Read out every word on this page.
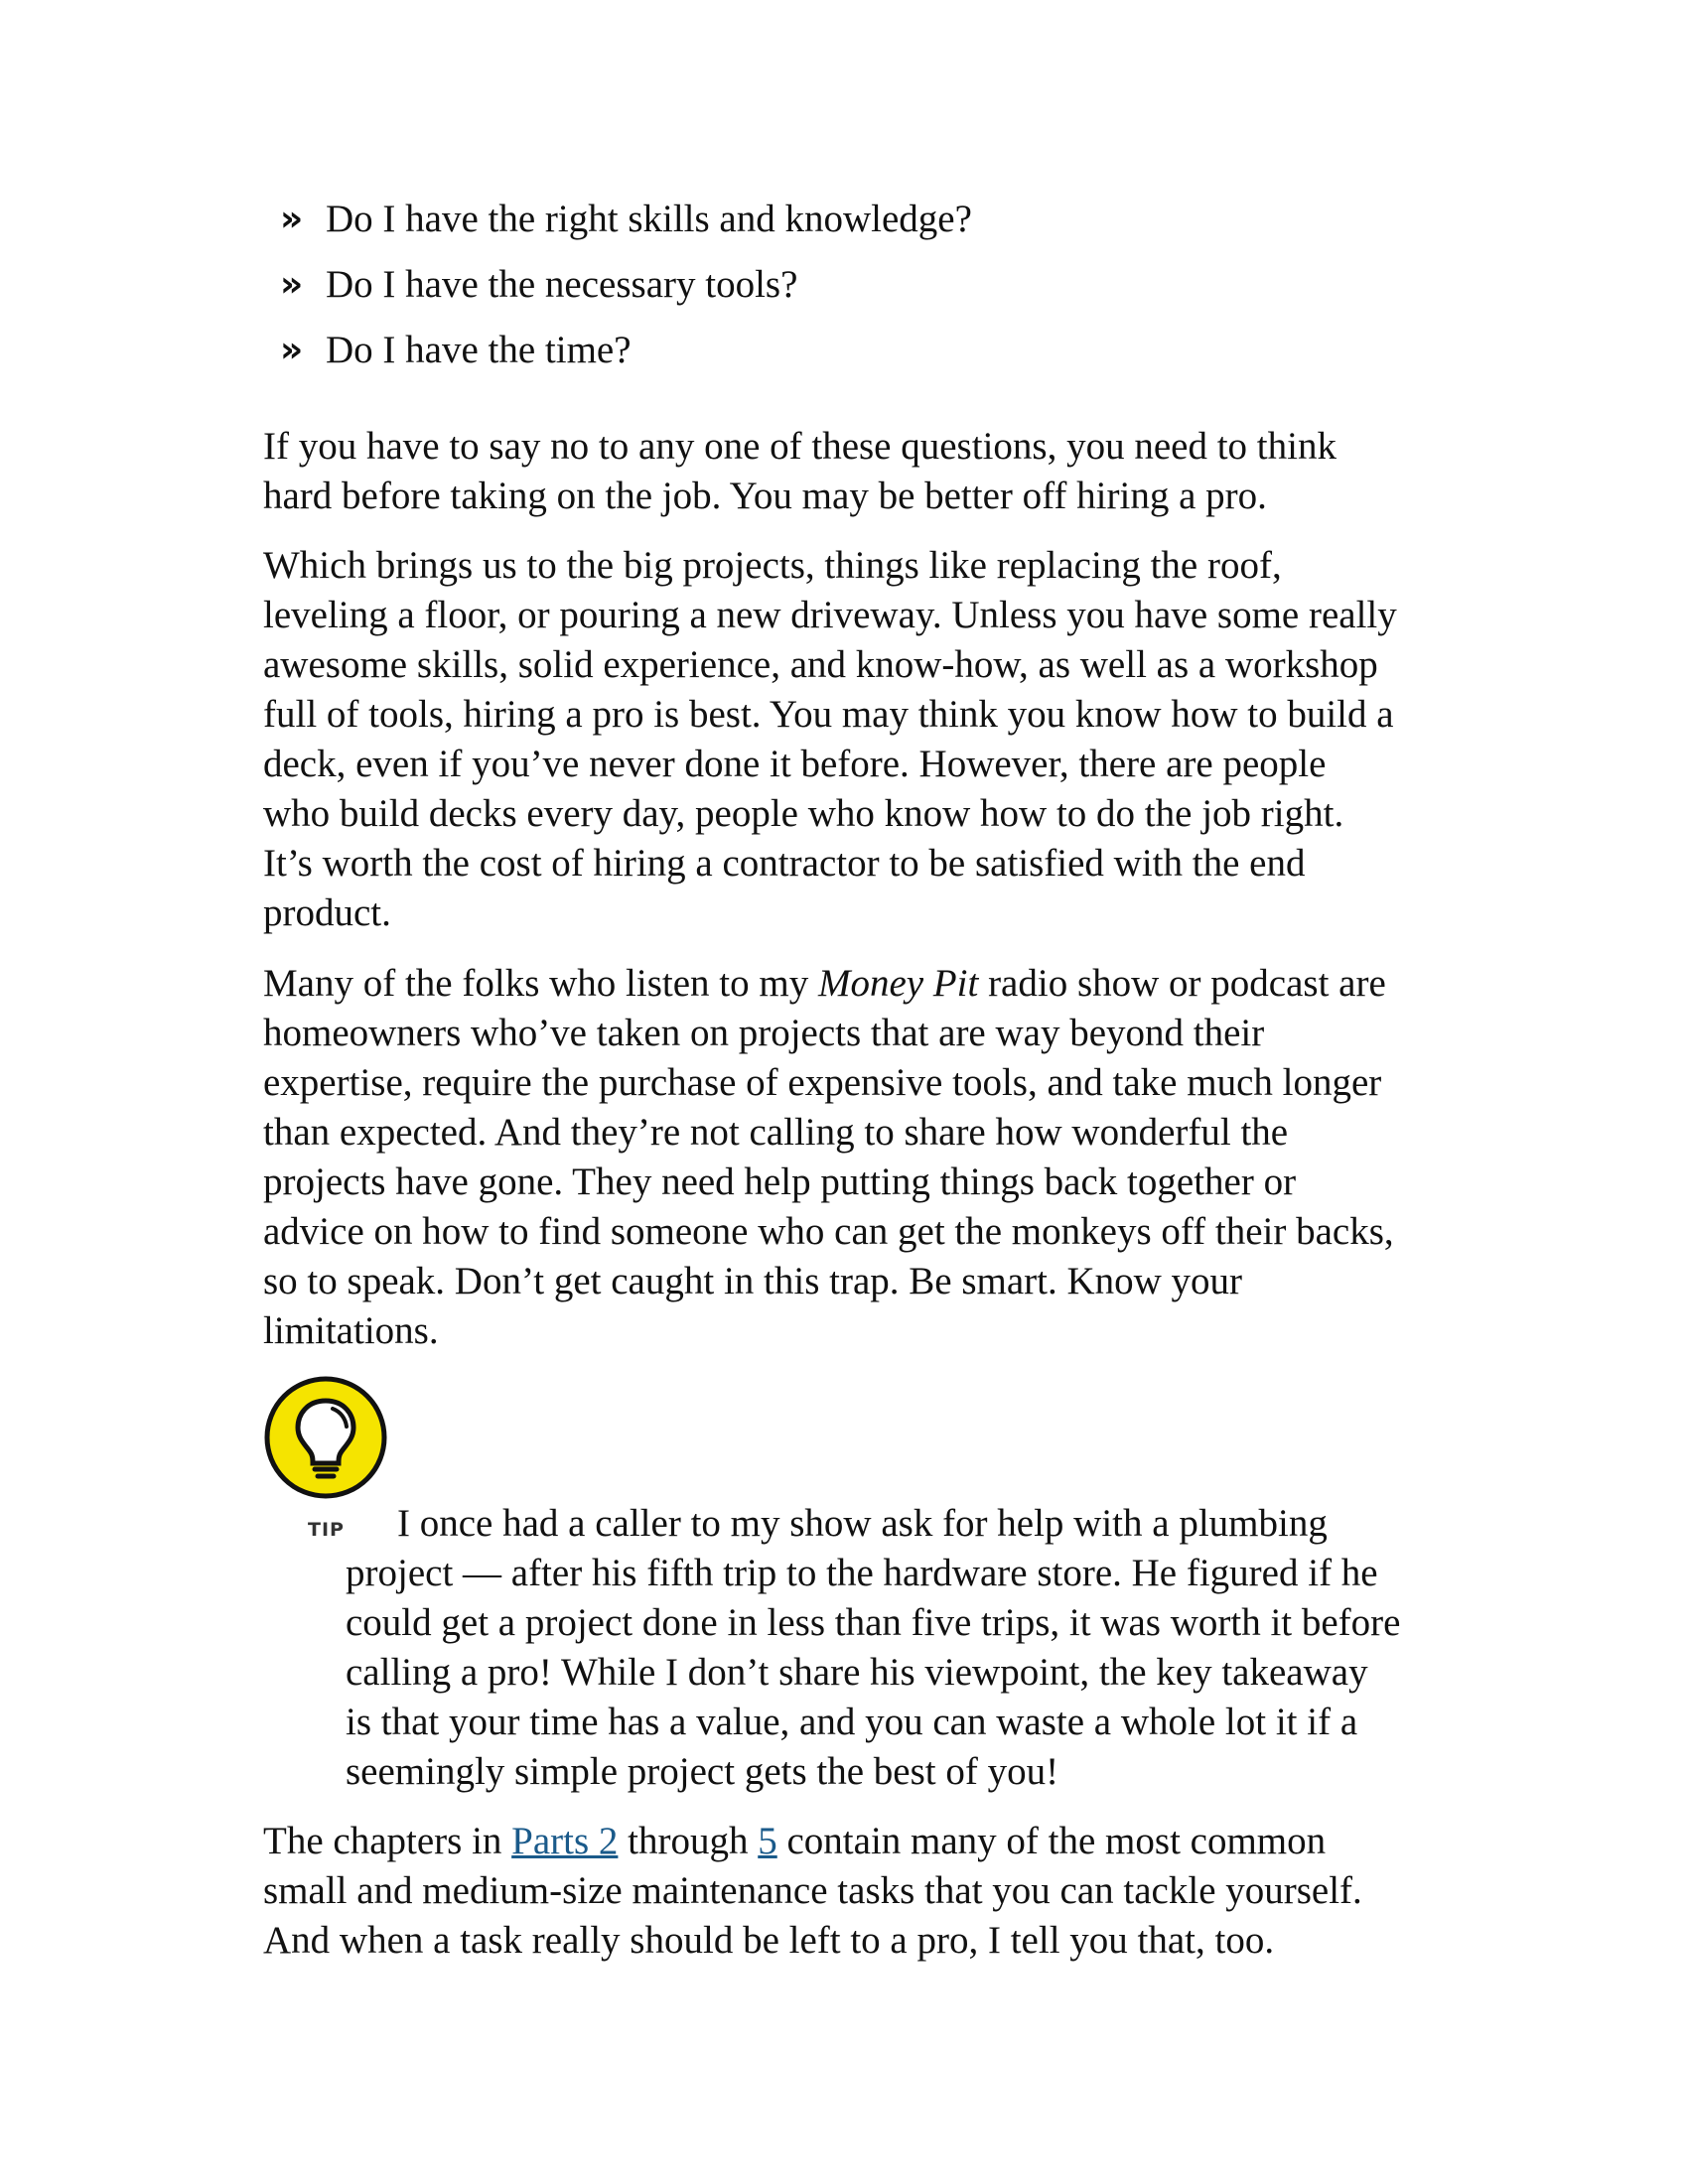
» Do I have the right skills and knowledge?
» Do I have the necessary tools?
» Do I have the time?

If you have to say no to any one of these questions, you need to think
hard before taking on the job. You may be better off hiring a pro.

Which brings us to the big projects, things like replacing the roof,
leveling a floor, or pouring a new driveway. Unless you have some really
awesome skills, solid experience, and know-how, as well as a workshop
full of tools, hiring a pro is best. You may think you know how to build a
deck, even if you’ve never done it before. However, there are people
who build decks every day, people who know how to do the job right.
It’s worth the cost of hiring a contractor to be satisfied with the end
product.

Many of the folks who listen to my Money Pit radio show or podcast are
homeowners who’ve taken on projects that are way beyond their
expertise, require the purchase of expensive tools, and take much longer
than expected. And they’re not calling to share how wonderful the
projects have gone. They need help putting things back together or
advice on how to find someone who can get the monkeys off their backs,
so to speak. Don’t get caught in this trap. Be smart. Know your
limitations.

TIP	I once had a caller to my show ask for help with a plumbing
project — after his fifth trip to the hardware store. He figured if he
could get a project done in less than five trips, it was worth it before
calling a pro! While I don’t share his viewpoint, the key takeaway
is that your time has a value, and you can waste a whole lot it if a
seemingly simple project gets the best of you!

The chapters in Parts 2 through 5 contain many of the most common
small and medium-size maintenance tasks that you can tackle yourself.
And when a task really should be left to a pro, I tell you that, too.
